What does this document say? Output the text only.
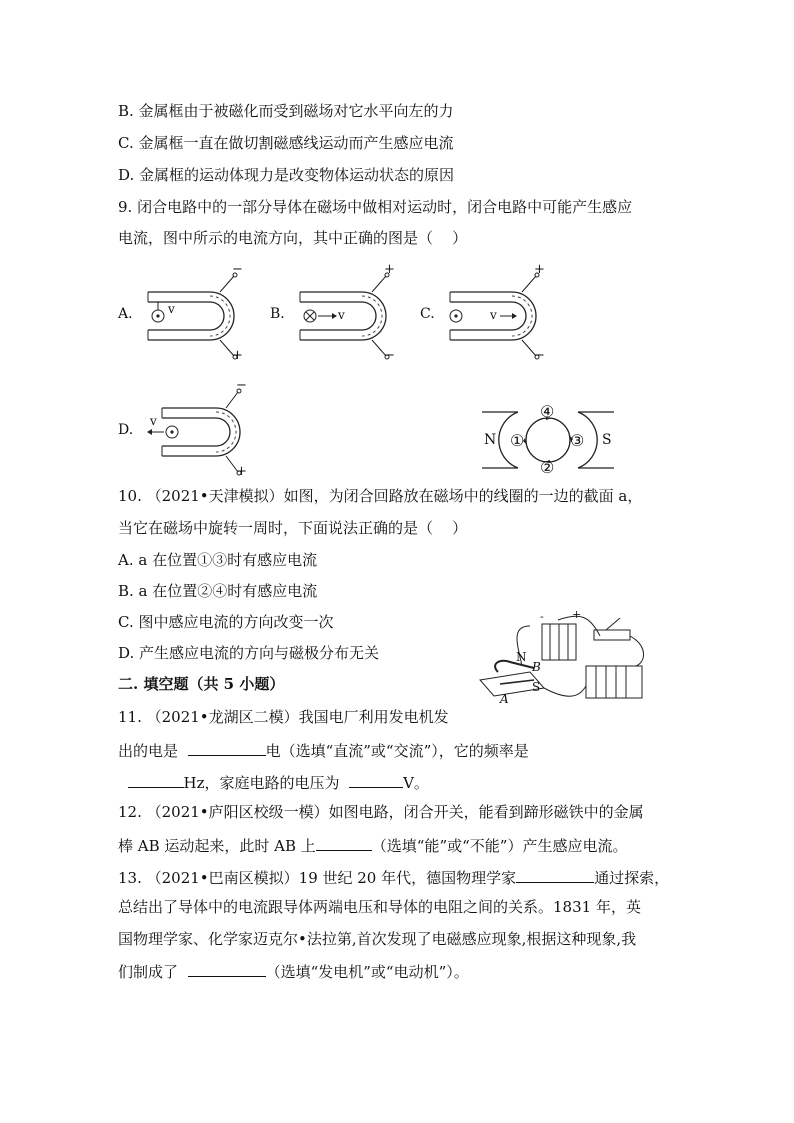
B. 金属框由于被磁化而受到磁场对它水平向左的力
C. 金属框一直在做切割磁感线运动而产生感应电流
D. 金属框的运动体现力是改变物体运动状态的原因
9. 闭合电路中的一部分导体在磁场中做相对运动时，闭合电路中可能产生感应
电流，图中所示的电流方向，其中正确的图是（    ）
A.	v
−
+
B.	v
+
−
C.	v
+
−
D.
v
−
+
N	S
①
②
③
④
10. （2021•天津模拟）如图，为闭合回路放在磁场中的线圈的一边的截面 a，
当它在磁场中旋转一周时，下面说法正确的是（    ）
A. a 在位置①③时有感应电流
B. a 在位置②④时有感应电流
C. 图中感应电流的方向改变一次
D. 产生感应电流的方向与磁极分布无关	N
B
S
A
-	+
二. 填空题（共 5 小题）
11. （2021•龙湖区二模）我国电厂利用发电机发
出的电是	电（选填“直流”或“交流”），它的频率是
Hz，家庭电路的电压为	V。
12. （2021•庐阳区校级一模）如图电路，闭合开关，能看到蹄形磁铁中的金属
棒 AB 运动起来，此时 AB 上	（选填“能”或“不能”）产生感应电流。
13. （2021•巴南区模拟）19 世纪 20 年代，德国物理学家	通过探索，
总结出了导体中的电流跟导体两端电压和导体的电阻之间的关系。1831 年，英
国物理学家、化学家迈克尔•法拉第,首次发现了电磁感应现象,根据这种现象,我
们制成了	（选填“发电机”或“电动机”）。
